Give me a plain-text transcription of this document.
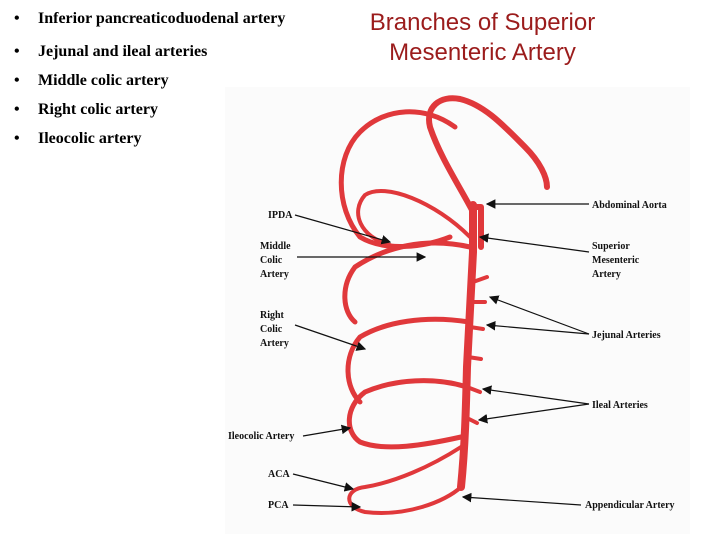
• Inferior pancreaticoduodenal artery
• Jejunal and ileal arteries
• Middle colic artery
• Right colic artery
• Ileocolic artery
Branches of Superior Mesenteric Artery
IPDA
Middle
Colic
Artery
Right
Colic
Artery
Ileocolic Artery
ACA
PCA
Abdominal Aorta
Superior
Mesenteric
Artery
Jejunal Arteries
Ileal Arteries
Appendicular Artery
